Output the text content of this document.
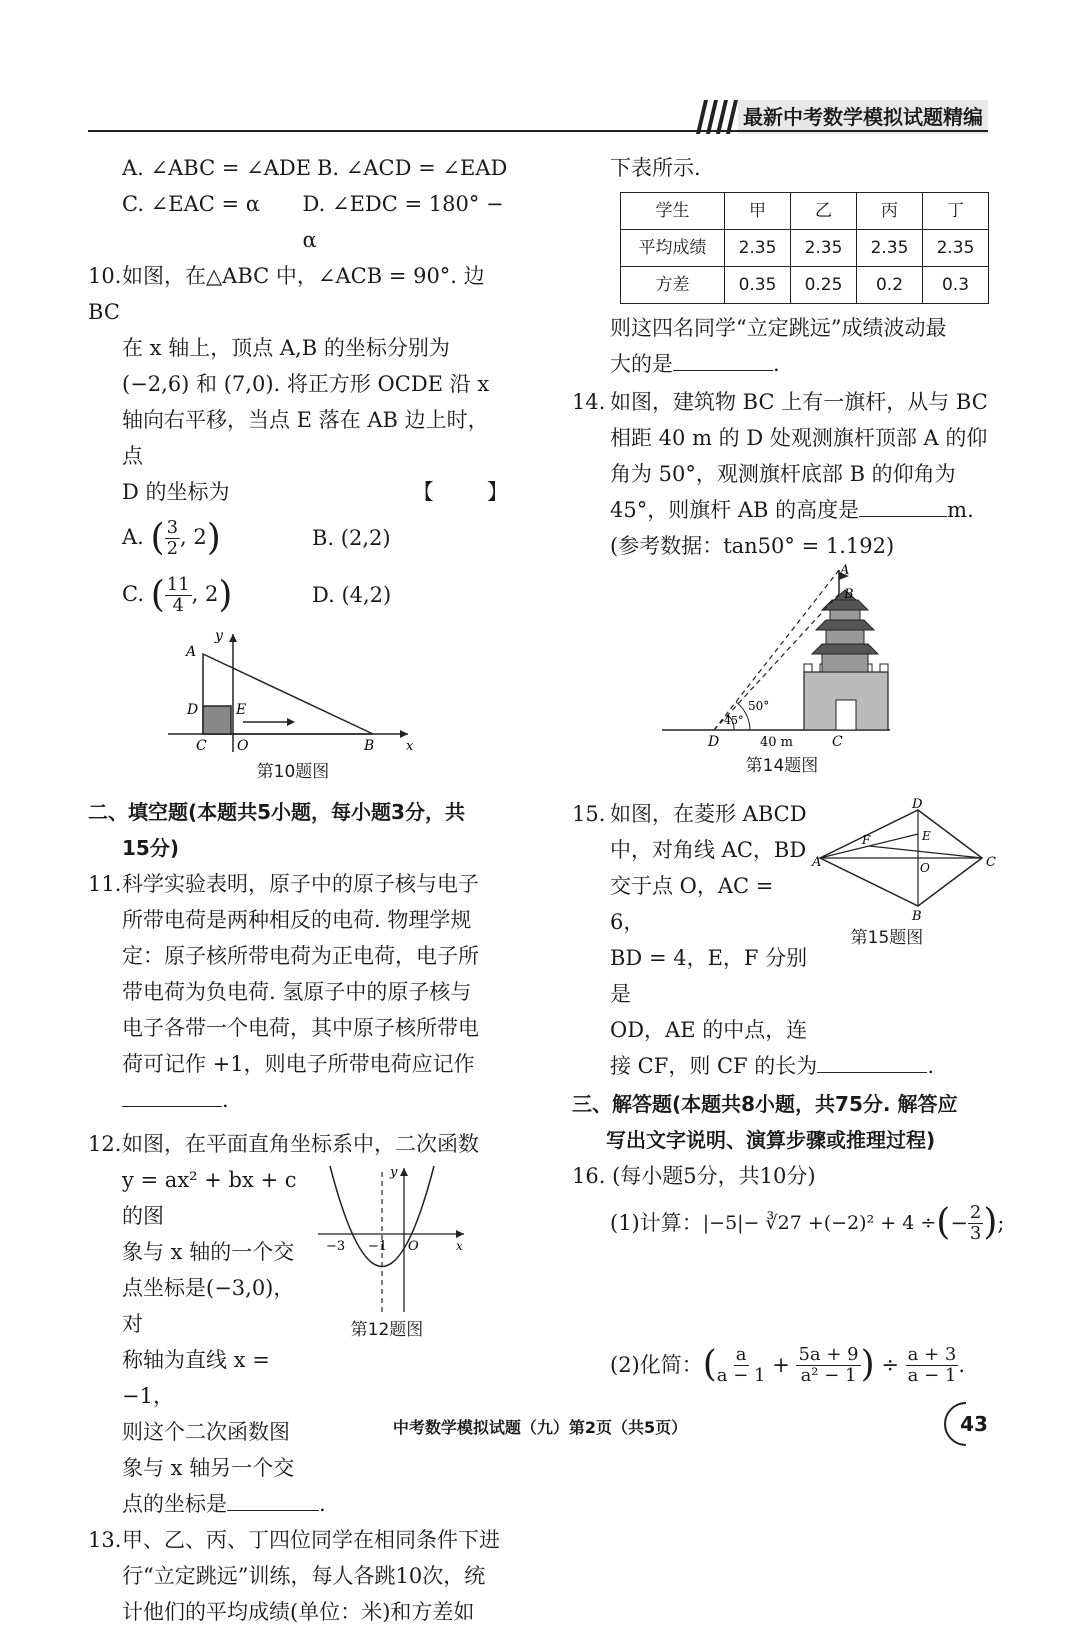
最新中考数学模拟试题精编
A. ∠ABC = ∠ADE B. ∠ACD = ∠EAD
C. ∠EAC = α	D. ∠EDC = 180° − α
10.如图，在△ABC 中，∠ACB = 90°. 边 BC
在 x 轴上，顶点 A,B 的坐标分别为
(−2,6) 和 (7,0). 将正方形 OCDE 沿 x
轴向右平移，当点 E 落在 AB 边上时，点
D 的坐标为	【        】
A. ( $\frac{3}{2}$ , 2)	B. (2,2)
C. ( $\frac{11}{4}$ , 2)	D. (4,2)
A
y
D	E
C O	B x
第10题图
二、填空题(本题共5小题，每小题3分，共
15分)
11.科学实验表明，原子中的原子核与电子
所带电荷是两种相反的电荷. 物理学规
定：原子核所带电荷为正电荷，电子所
带电荷为负电荷. 氢原子中的原子核与
电子各带一个电荷，其中原子核所带电
荷可记作 +1，则电子所带电荷应记作
.
12.如图，在平面直角坐标系中，二次函数
y = ax² + bx + c 的图
象与 x 轴的一个交
点坐标是(−3,0)，对
称轴为直线 x = −1，
则这个二次函数图
象与 x 轴另一个交
点的坐标是	.
y
−3 −1 O	x
第12题图
13.甲、乙、丙、丁四位同学在相同条件下进
行“立定跳远”训练，每人各跳10次，统
计他们的平均成绩(单位：米)和方差如
下表所示.
学生	甲	乙	丙	丁
平均成绩	2.35	2.35	2.35	2.35
方差	0.35	0.25	0.2	0.3
则这四名同学“立定跳远”成绩波动最
大的是	.
14. 如图，建筑物 BC 上有一旗杆，从与 BC
相距 40 m 的 D 处观测旗杆顶部 A 的仰
角为 50°，观测旗杆底部 B 的仰角为
45°，则旗杆 AB 的高度是	m.
(参考数据：tan50° = 1.192)
A
B
D	C
50°
45°
40 m
第14题图
15. 如图，在菱形 ABCD
中，对角线 AC，BD
交于点 O，AC = 6，
BD = 4，E，F 分别是
OD，AE 的中点，连
D
A	C
B
O
E
F
第15题图
接 CF，则 CF 的长为	.
三、解答题(本题共8小题，共75分. 解答应
写出文字说明、演算步骤或推理过程)
16. (每小题5分，共10分)
(1)计算： |−5|− ∛27 +(−2)² + 4 ÷ ( − $\frac{2}{3}$ ) ;
(2)化简： ( $\frac{a}{a - 1} + \frac{5a + 9}{\text{a² − 1}}$ ) ÷ $\frac{a + 3}{a - 1}$ .
中考数学模拟试题（九）第2页（共5页）	43
